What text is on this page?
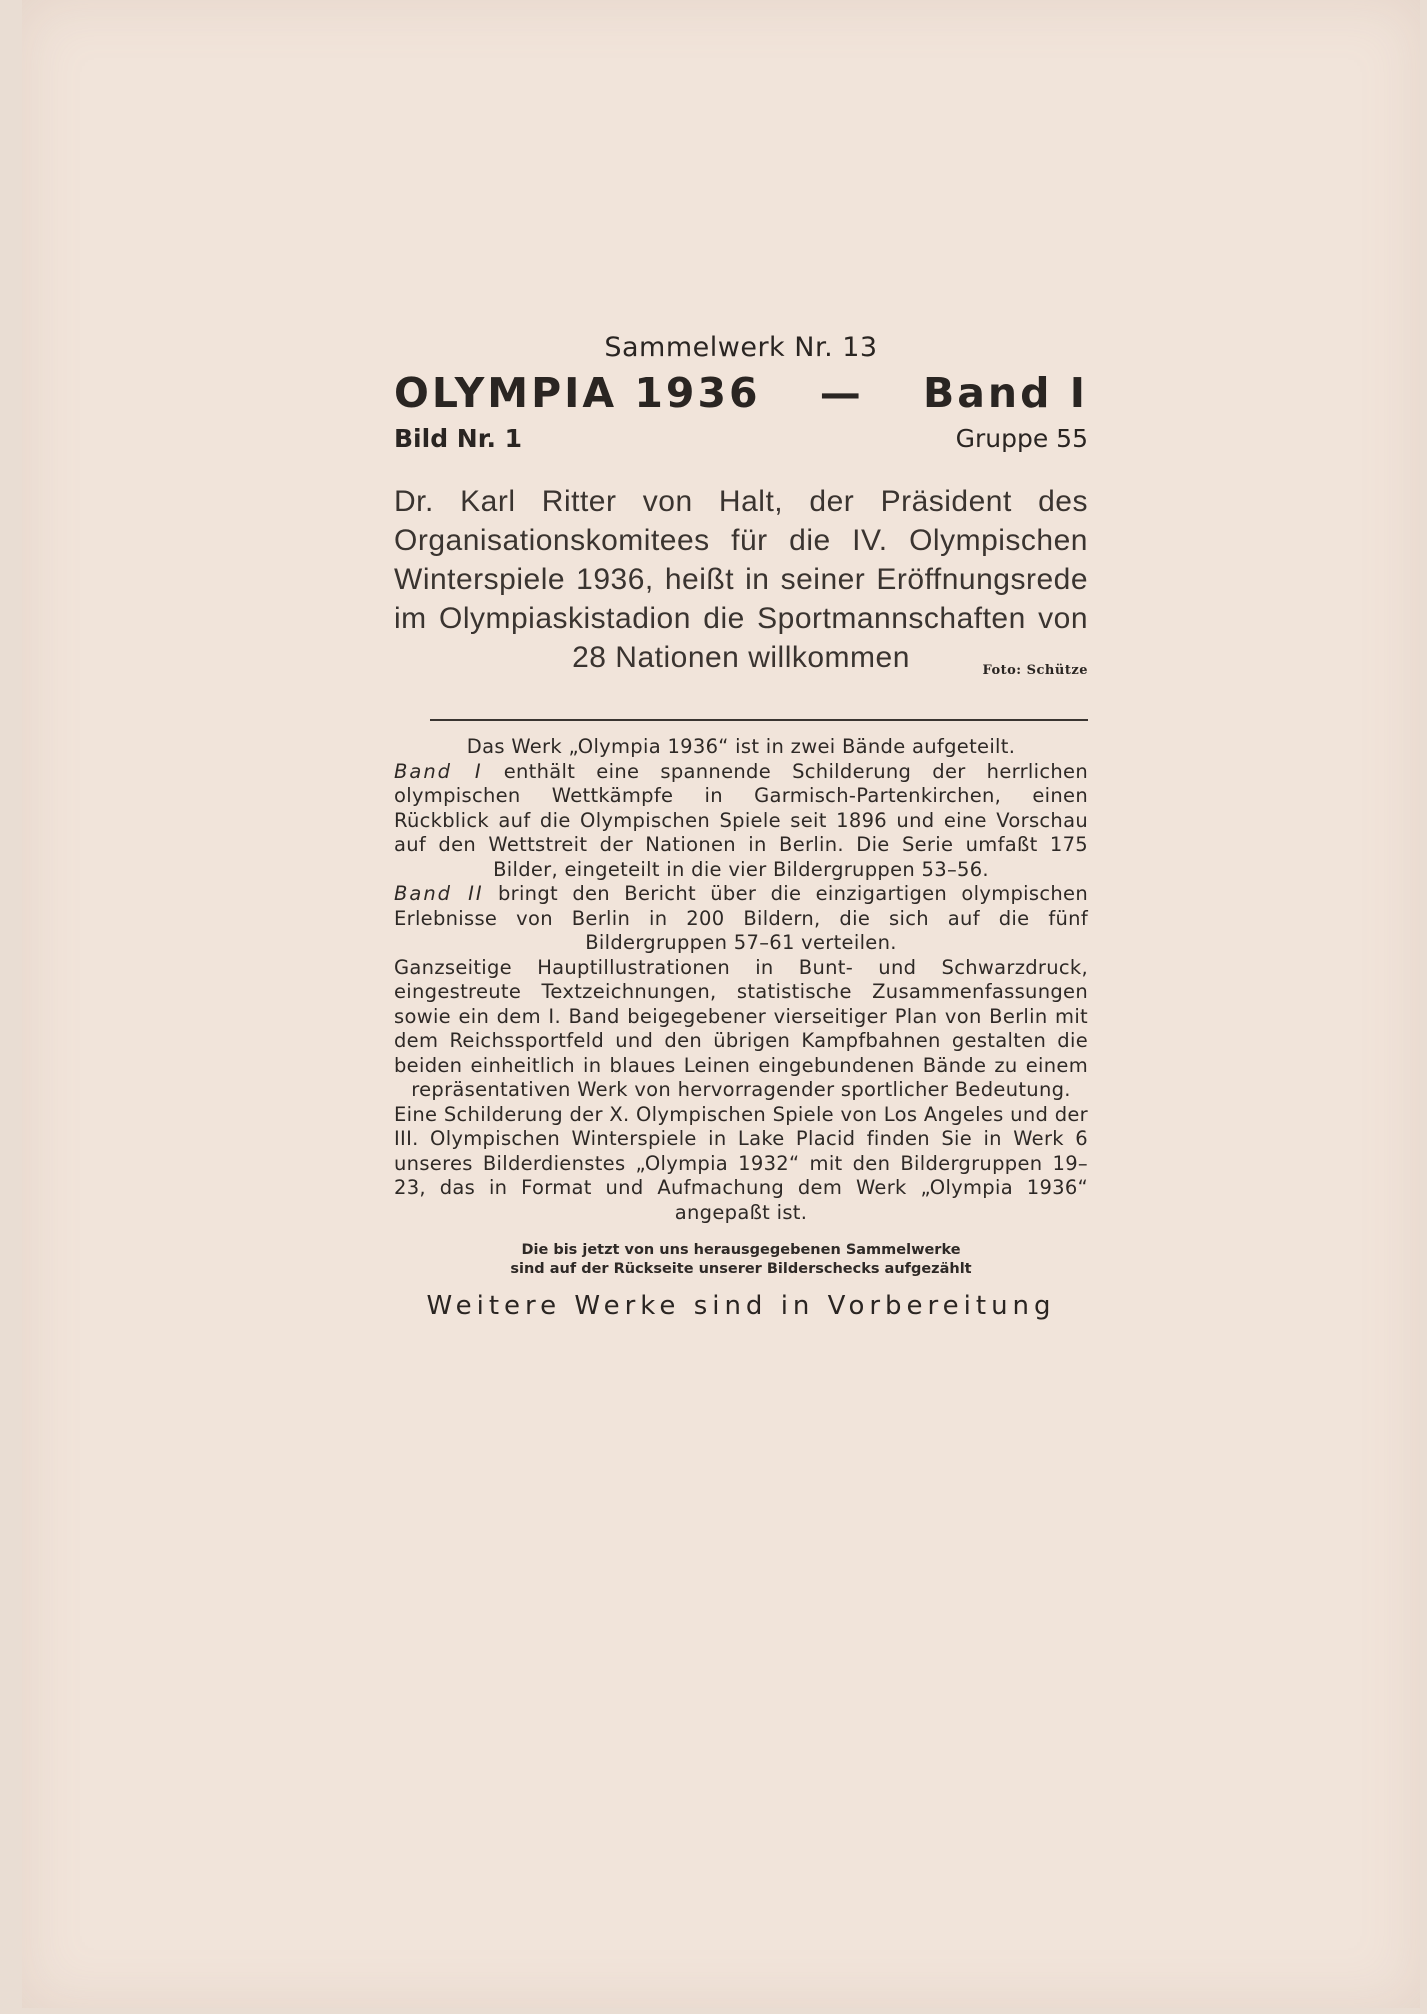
Sammelwerk Nr. 13

OLYMPIA 1936 — Band I
Bild Nr. 1	Gruppe 55
Dr. Karl Ritter von Halt, der Präsident des Organisationskomitees für die IV. Olympischen Winterspiele 1936, heißt in seiner Eröffnungsrede im Olympiaskistadion die Sportmannschaften von 28 Nationen willkommen	Foto: Schütze

Das Werk „Olympia 1936“ ist in zwei Bände aufgeteilt.

Band I enthält eine spannende Schilderung der herrlichen olympischen Wettkämpfe in Garmisch-Partenkirchen, einen Rückblick auf die Olympischen Spiele seit 1896 und eine Vorschau auf den Wettstreit der Nationen in Berlin. Die Serie umfaßt 175 Bilder, eingeteilt in die vier Bildergruppen 53–56.

Band II bringt den Bericht über die einzigartigen olympischen Erlebnisse von Berlin in 200 Bildern, die sich auf die fünf Bildergruppen 57–61 verteilen.

Ganzseitige Hauptillustrationen in Bunt- und Schwarzdruck, eingestreute Textzeichnungen, statistische Zusammenfassungen sowie ein dem I. Band beigegebener vierseitiger Plan von Berlin mit dem Reichssportfeld und den übrigen Kampfbahnen gestalten die beiden einheitlich in blaues Leinen eingebundenen Bände zu einem repräsentativen Werk von hervorragender sportlicher Bedeutung.

Eine Schilderung der X. Olympischen Spiele von Los Angeles und der III. Olympischen Winterspiele in Lake Placid finden Sie in Werk 6 unseres Bilderdienstes „Olympia 1932“ mit den Bildergruppen 19–23, das in Format und Aufmachung dem Werk „Olympia 1936“ angepaßt ist.

Die bis jetzt von uns herausgegebenen Sammelwerke
sind auf der Rückseite unserer Bilderschecks aufgezählt
Weitere Werke sind in Vorbereitung
